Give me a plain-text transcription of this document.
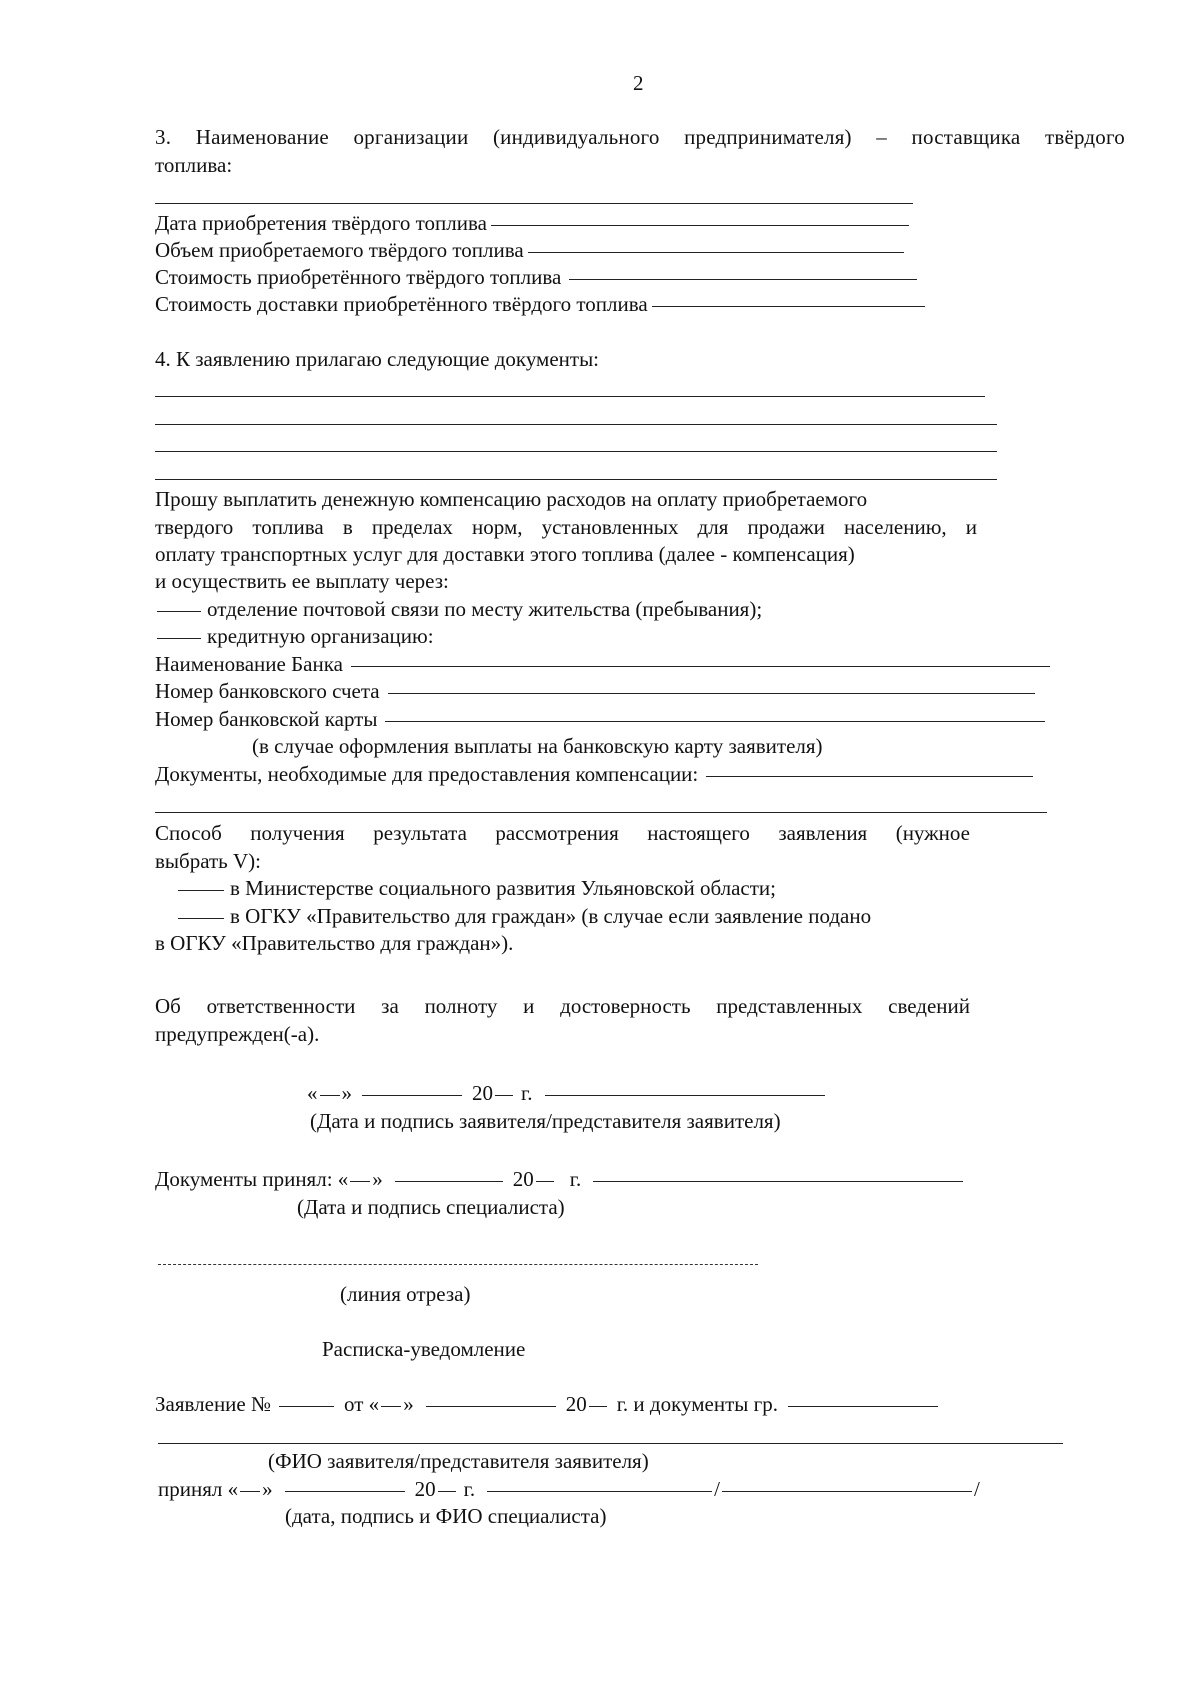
2
3. Наименование организации (индивидуального предпринимателя) – поставщика твёрдого
топлива:
Дата приобретения твёрдого топлива
Объем приобретаемого твёрдого топлива
Стоимость приобретённого твёрдого топлива
Стоимость доставки приобретённого твёрдого топлива
4. К заявлению прилагаю следующие документы:
Прошу выплатить денежную компенсацию расходов на оплату приобретаемого
твердого топлива в пределах норм, установленных для продажи населению, и
оплату транспортных услуг для доставки этого топлива (далее - компенсация)
и осуществить ее выплату через:
отделение почтовой связи по месту жительства (пребывания);
кредитную организацию:
Наименование Банка
Номер банковского счета
Номер банковской карты
(в случае оформления выплаты на банковскую карту заявителя)
Документы, необходимые для предоставления компенсации:
Способ получения результата рассмотрения настоящего заявления (нужное
выбрать V):
в Министерстве социального развития Ульяновской области;
в ОГКУ «Правительство для граждан» (в случае если заявление подано
в ОГКУ «Правительство для граждан»).
Об ответственности за полноту и достоверность представленных сведений
предупрежден(-а).
« »	20 г.
(Дата и подпись заявителя/представителя заявителя)
Документы принял: « »	20 г.
(Дата и подпись специалиста)
(линия отреза)
Расписка-уведомление
Заявление №	от « »	20 г. и документы гр.
(ФИО заявителя/представителя заявителя)
принял « »	20 г.	/	/
(дата, подпись и ФИО специалиста)
